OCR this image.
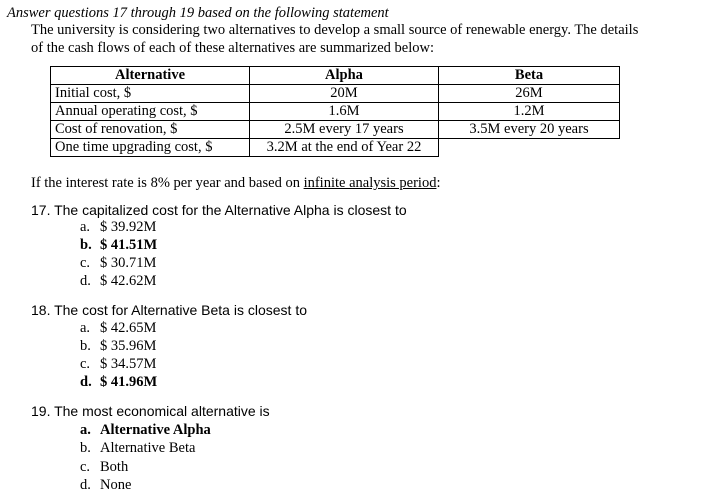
Answer questions 17 through 19 based on the following statement
The university is considering two alternatives to develop a small source of renewable energy. The details
of the cash flows of each of these alternatives are summarized below:
Alternative	Alpha	Beta
Initial cost, $	20M	26M
Annual operating cost, $	1.6M	1.2M
Cost of renovation, $	2.5M every 17 years	3.5M every 20 years
One time upgrading cost, $	3.2M at the end of Year 22	
If the interest rate is 8% per year and based on infinite analysis period:
17. The capitalized cost for the Alternative Alpha is closest to
a. $ 39.92M
b. $ 41.51M
c. $ 30.71M
d. $ 42.62M
18. The cost for Alternative Beta is closest to
a. $ 42.65M
b. $ 35.96M
c. $ 34.57M
d. $ 41.96M
19. The most economical alternative is
a. Alternative Alpha
b. Alternative Beta
c. Both
d. None
